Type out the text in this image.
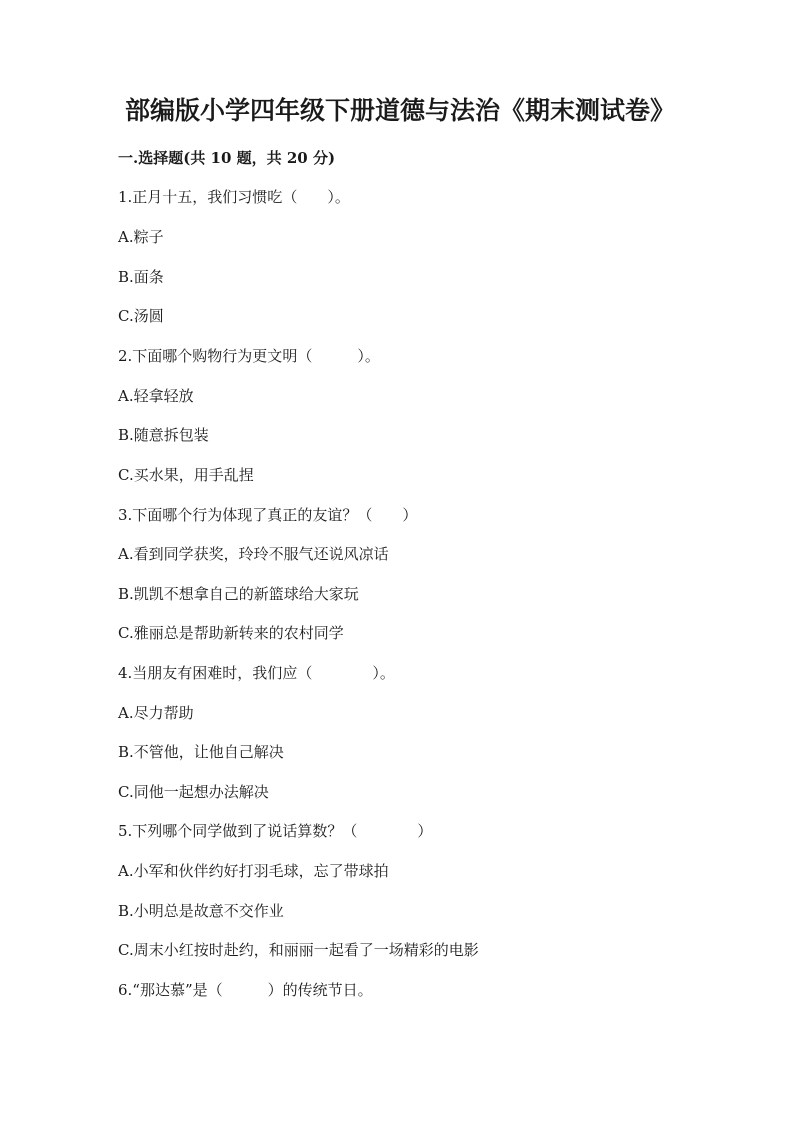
部编版小学四年级下册道德与法治《期末测试卷》
一.选择题(共 10 题，共 20 分)
1.正月十五，我们习惯吃（　　）。
A.粽子
B.面条
C.汤圆
2.下面哪个购物行为更文明（　　　）。
A.轻拿轻放
B.随意拆包装
C.买水果，用手乱捏
3.下面哪个行为体现了真正的友谊？（　　）
A.看到同学获奖，玲玲不服气还说风凉话
B.凯凯不想拿自己的新篮球给大家玩
C.雅丽总是帮助新转来的农村同学
4.当朋友有困难时，我们应（　　　　）。
A.尽力帮助
B.不管他，让他自己解决
C.同他一起想办法解决
5.下列哪个同学做到了说话算数？（　　　　）
A.小军和伙伴约好打羽毛球，忘了带球拍
B.小明总是故意不交作业
C.周末小红按时赴约，和丽丽一起看了一场精彩的电影
6.“那达慕”是（　　　）的传统节日。
